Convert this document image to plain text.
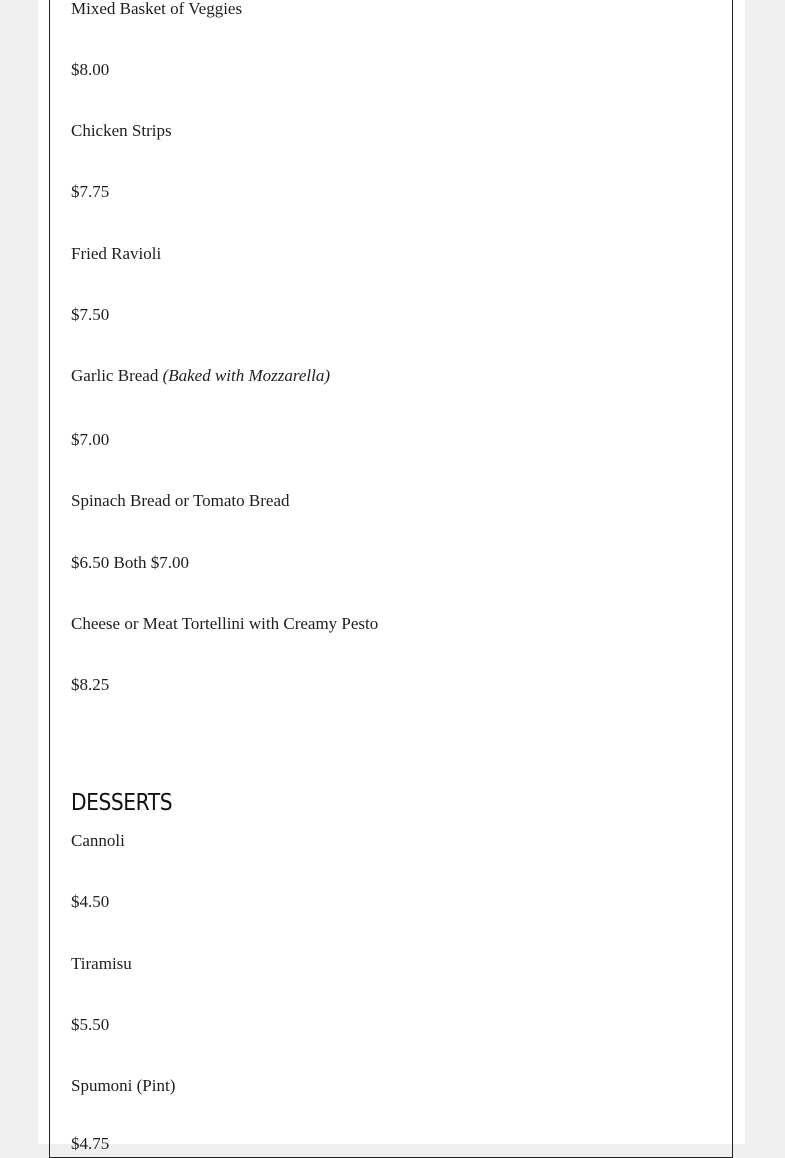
Mixed Basket of Veggies
$8.00
Chicken Strips
$7.75
Fried Ravioli
$7.50
Garlic Bread (Baked with Mozzarella)
$7.00
Spinach Bread or Tomato Bread
$6.50 Both $7.00
Cheese or Meat Tortellini with Creamy Pesto
$8.25
DESSERTS
Cannoli
$4.50
Tiramisu
$5.50
Spumoni (Pint)
$4.75
